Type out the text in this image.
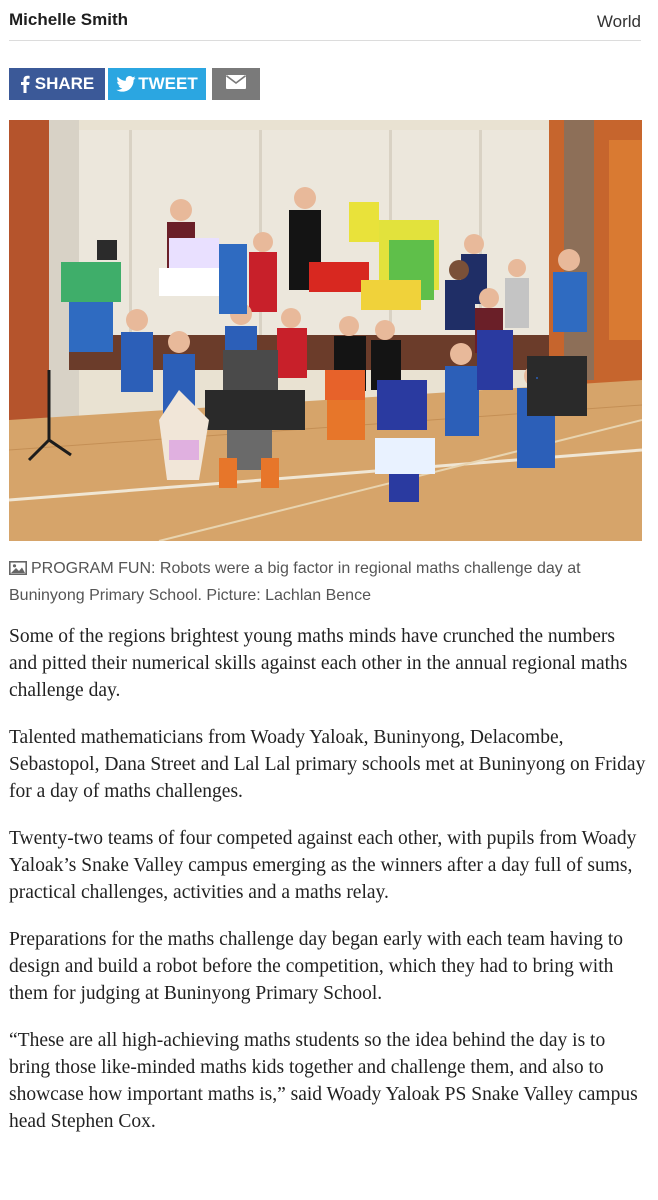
Michelle Smith	World
SHARE	TWEET
PROGRAM FUN: Robots were a big factor in regional maths challenge day at Buninyong Primary School. Picture: Lachlan Bence

Some of the regions brightest young maths minds have crunched the numbers and pitted their numerical skills against each other in the annual regional maths challenge day.

Talented mathematicians from Woady Yaloak, Buninyong, Delacombe, Sebastopol, Dana Street and Lal Lal primary schools met at Buninyong on Friday for a day of maths challenges.

Twenty-two teams of four competed against each other, with pupils from Woady Yaloak’s Snake Valley campus emerging as the winners after a day full of sums, practical challenges, activities and a maths relay.

Preparations for the maths challenge day began early with each team having to design and build a robot before the competition, which they had to bring with them for judging at Buninyong Primary School.

“These are all high-achieving maths students so the idea behind the day is to bring those like-minded maths kids together and challenge them, and also to showcase how important maths is,” said Woady Yaloak PS Snake Valley campus head Stephen Cox.
